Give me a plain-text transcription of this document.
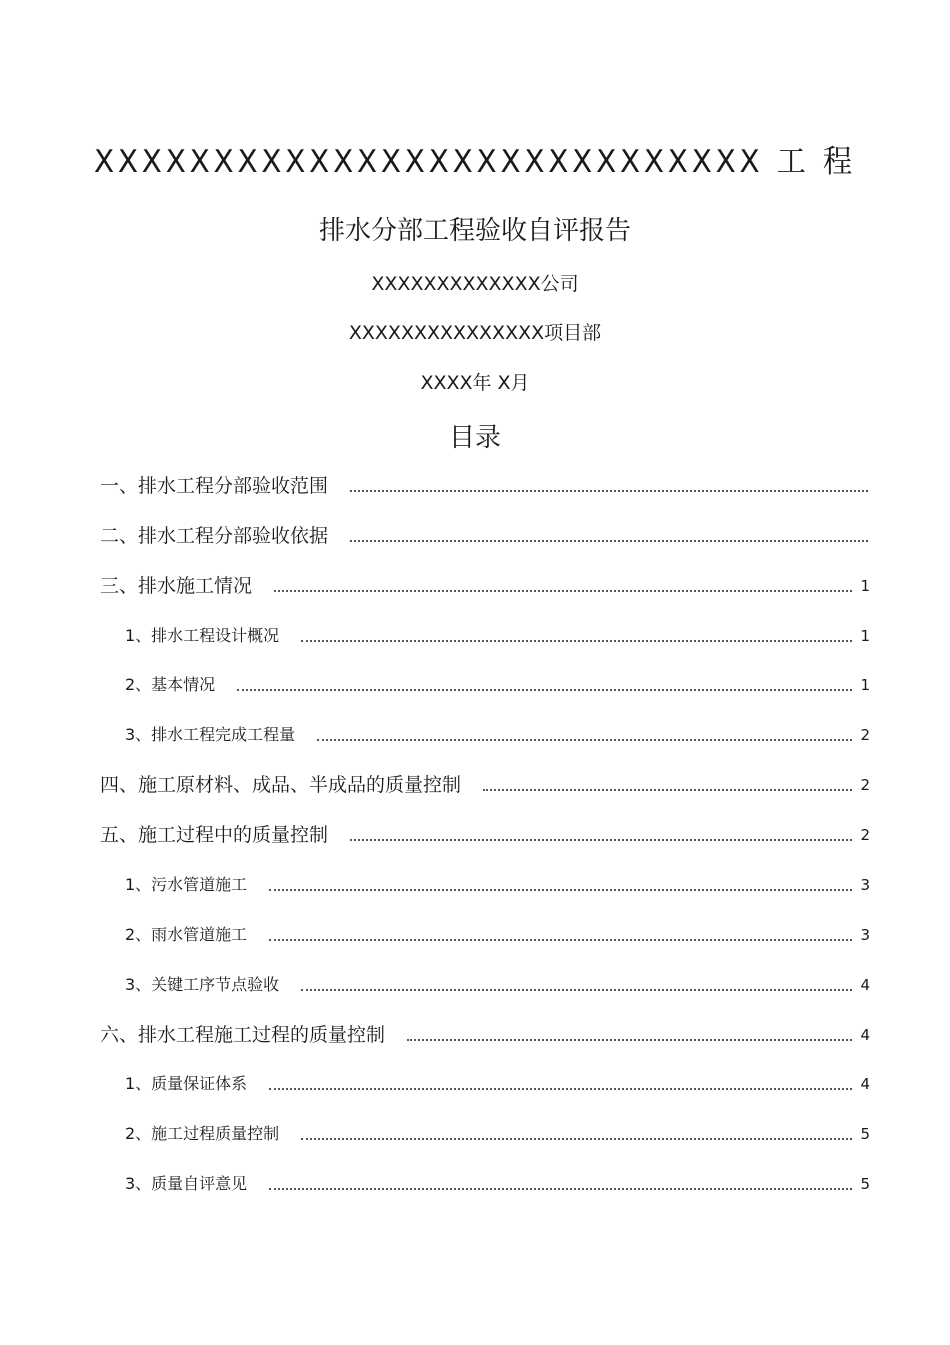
XXXXXXXXXXXXXXXXXXXXXXXXXXXX 工 程
排水分部工程验收自评报告
XXXXXXXXXXXXX公司
XXXXXXXXXXXXXXX项目部
XXXX年 X月
目录
一、排水工程分部验收范围
二、排水工程分部验收依据
三、排水施工情况	1
1、排水工程设计概况	1
2、基本情况	1
3、排水工程完成工程量	2
四、施工原材料、成品、半成品的质量控制	2
五、施工过程中的质量控制	2
1、污水管道施工	3
2、雨水管道施工	3
3、关键工序节点验收	4
六、排水工程施工过程的质量控制	4
1、质量保证体系	4
2、施工过程质量控制	5
3、质量自评意见	5
